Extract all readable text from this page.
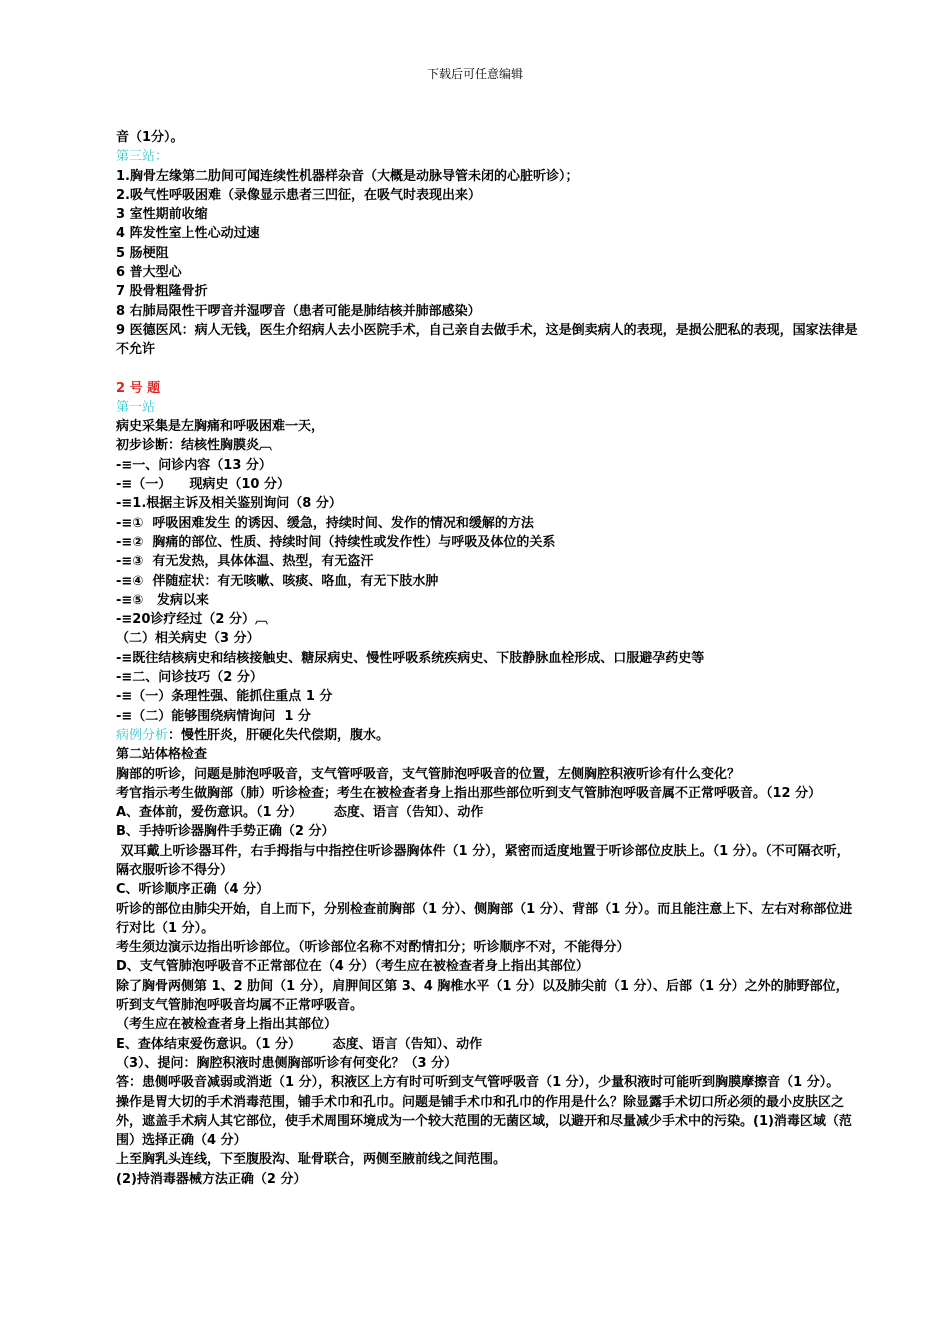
下载后可任意编辑
音（1分）。
第三站：
1.胸骨左缘第二肋间可闻连续性机器样杂音（大概是动脉导管未闭的心脏听诊）；
2.吸气性呼吸困难（录像显示患者三凹征，在吸气时表现出来）
3 室性期前收缩
4 阵发性室上性心动过速
5 肠梗阻
6 普大型心
7 股骨粗隆骨折
8 右肺局限性干啰音并湿啰音（患者可能是肺结核并肺部感染）
9 医德医风：病人无钱，医生介绍病人去小医院手术，自己亲自去做手术，这是倒卖病人的表现，是损公肥私的表现，国家法律是不允许
2 号 题
第一站
病史采集是左胸痛和呼吸困难一天，
初步诊断：结核性胸膜炎︹
-≡一、问诊内容（13 分）
-≡（一）    现病史（10 分）
-≡1.根据主诉及相关鉴别询问（8 分）
-≡①  呼吸困难发生 的诱因、缓急，持续时间、发作的情况和缓解的方法
-≡②  胸痛的部位、性质、持续时间（持续性或发作性）与呼吸及体位的关系
-≡③  有无发热，具体体温、热型，有无盗汗
-≡④  伴随症状：有无咳嗽、咳痰、咯血，有无下肢水肿
-≡⑤   发病以来
-≡20诊疗经过（2 分）︹
（二）相关病史（3 分）
-≡既往结核病史和结核接触史、糖尿病史、慢性呼吸系统疾病史、下肢静脉血栓形成、口服避孕药史等
-≡二、问诊技巧（2 分）
-≡（一）条理性强、能抓住重点 1 分
-≡（二）能够围绕病情询问  1 分
病例分析：慢性肝炎，肝硬化失代偿期，腹水。
第二站体格检查
胸部的听诊，问题是肺泡呼吸音，支气管呼吸音，支气管肺泡呼吸音的位置，左侧胸腔积液听诊有什么变化？
考官指示考生做胸部（肺）听诊检查；考生在被检查者身上指出那些部位听到支气管肺泡呼吸音属不正常呼吸音。（12 分）
A、查体前，爱伤意识。（1 分）       态度、语言（告知）、动作
B、手持听诊器胸件手势正确（2 分）
双耳戴上听诊器耳件，右手拇指与中指控住听诊器胸体件（1 分），紧密而适度地置于听诊部位皮肤上。（1 分）。（不可隔衣听，隔衣服听诊不得分）
C、听诊顺序正确（4 分）
听诊的部位由肺尖开始，自上而下，分别检查前胸部（1 分）、侧胸部（1 分）、背部（1 分）。而且能注意上下、左右对称部位进行对比（1 分）。
考生须边演示边指出听诊部位。（听诊部位名称不对酌情扣分；听诊顺序不对，不能得分）
D、支气管肺泡呼吸音不正常部位在（4 分）（考生应在被检查者身上指出其部位）
除了胸骨两侧第 1、2 肋间（1 分），肩胛间区第 3、4 胸椎水平（1 分）以及肺尖前（1 分）、后部（1 分）之外的肺野部位，听到支气管肺泡呼吸音均属不正常呼吸音。
（考生应在被检查者身上指出其部位）
E、查体结束爱伤意识。（1 分）       态度、语言（告知）、动作
（3）、提问：胸腔积液时患侧胸部听诊有何变化？（3 分）
答：患侧呼吸音减弱或消逝（1 分），积液区上方有时可听到支气管呼吸音（1 分），少量积液时可能听到胸膜摩擦音（1 分）。
操作是胃大切的手术消毒范围，铺手术巾和孔巾。问题是铺手术巾和孔巾的作用是什么？除显露手术切口所必须的最小皮肤区之外，遮盖手术病人其它部位，使手术周围环境成为一个较大范围的无菌区域，以避开和尽量减少手术中的污染。(1)消毒区域（范围）选择正确（4 分）
上至胸乳头连线，下至腹股沟、耻骨联合，两侧至腋前线之间范围。
(2)持消毒器械方法正确（2 分）
